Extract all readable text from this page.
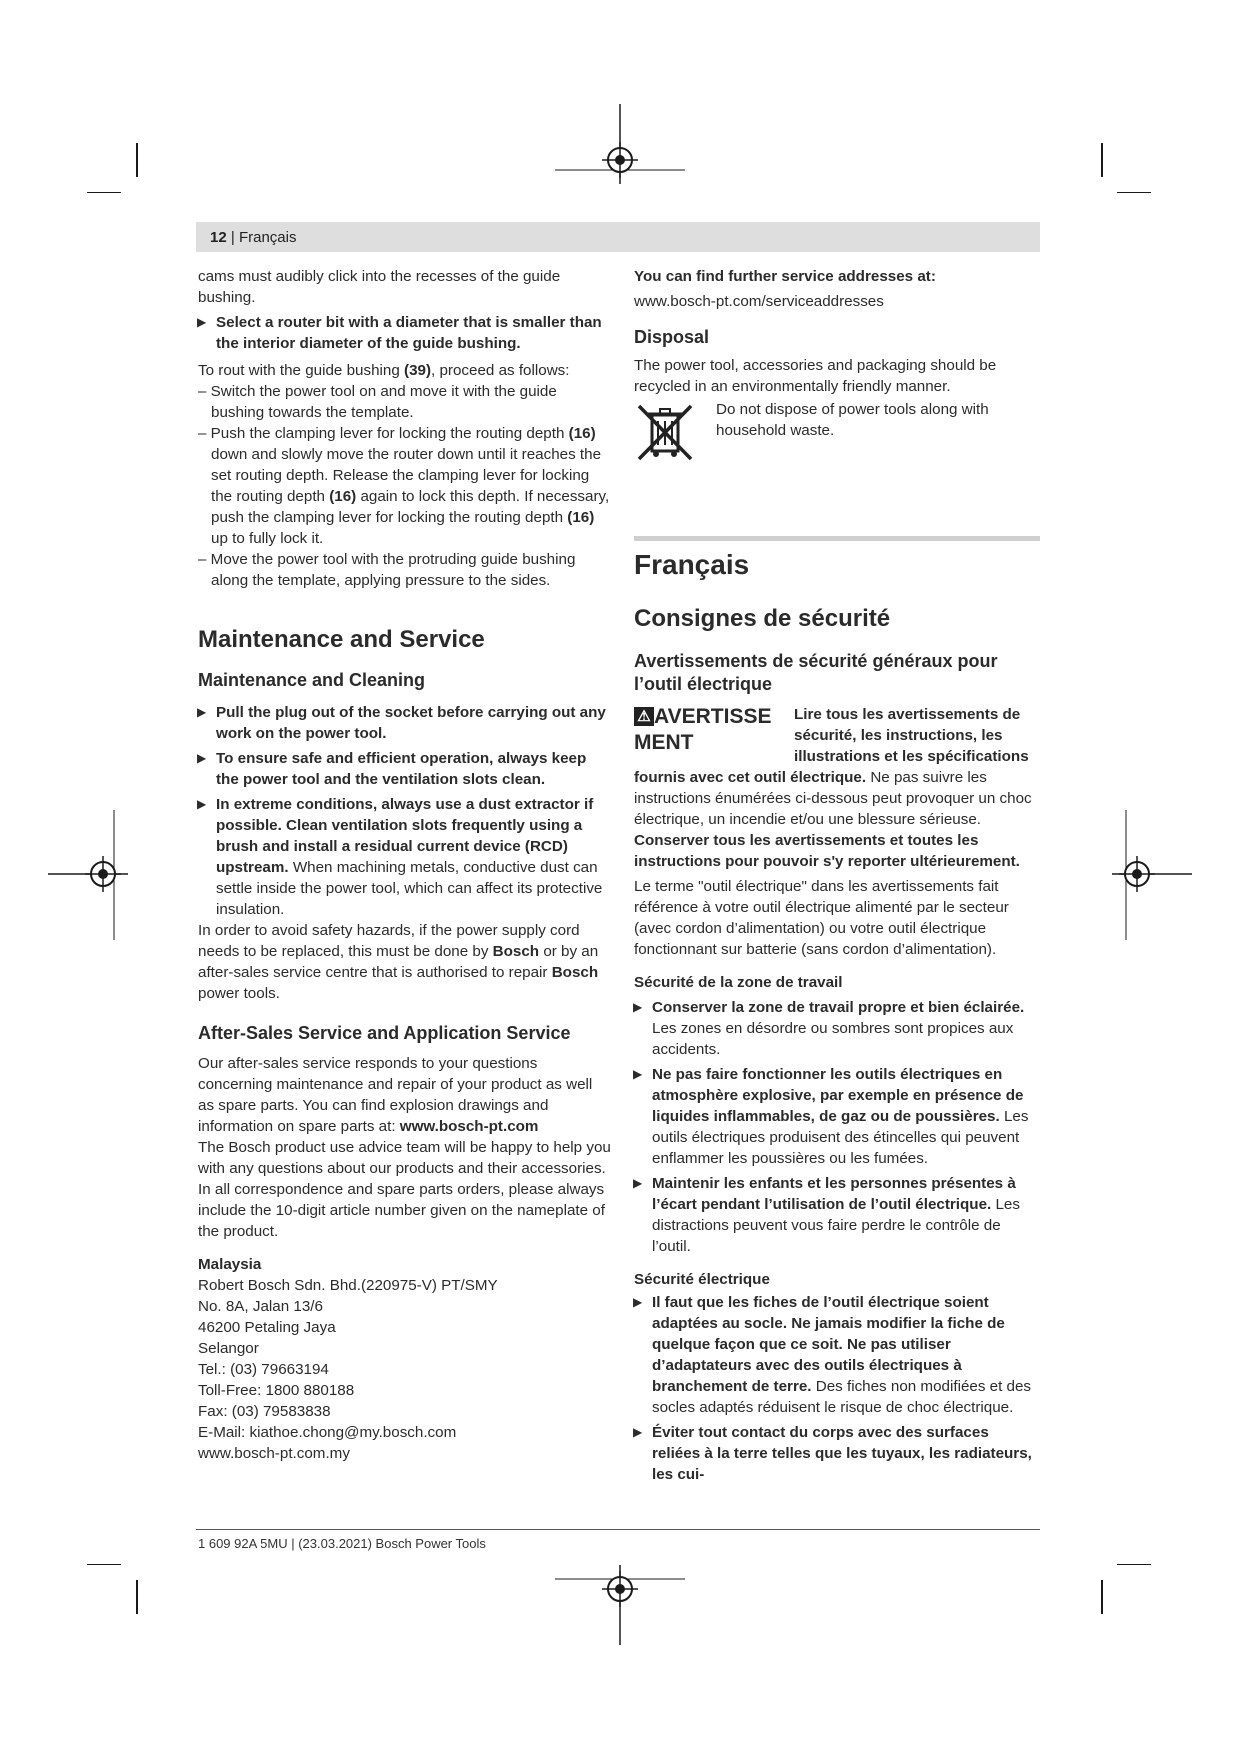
12 | Français

cams must audibly click into the recesses of the guide bushing.

▶ Select a router bit with a diameter that is smaller than the interior diameter of the guide bushing.

To rout with the guide bushing (39), proceed as follows:

– Switch the power tool on and move it with the guide bushing towards the template.

– Push the clamping lever for locking the routing depth (16) down and slowly move the router down until it reaches the set routing depth. Release the clamping lever for locking the routing depth (16) again to lock this depth. If necessary, push the clamping lever for locking the routing depth (16) up to fully lock it.

– Move the power tool with the protruding guide bushing along the template, applying pressure to the sides.

Maintenance and Service
Maintenance and Cleaning

▶ Pull the plug out of the socket before carrying out any work on the power tool.

▶ To ensure safe and efficient operation, always keep the power tool and the ventilation slots clean.

▶ In extreme conditions, always use a dust extractor if possible. Clean ventilation slots frequently using a brush and install a residual current device (RCD) upstream. When machining metals, conductive dust can settle inside the power tool, which can affect its protective insulation.

In order to avoid safety hazards, if the power supply cord needs to be replaced, this must be done by Bosch or by an after-sales service centre that is authorised to repair Bosch power tools.

After-Sales Service and Application Service

Our after-sales service responds to your questions concerning maintenance and repair of your product as well as spare parts. You can find explosion drawings and information on spare parts at: www.bosch-pt.com

The Bosch product use advice team will be happy to help you with any questions about our products and their accessories.

In all correspondence and spare parts orders, please always include the 10-digit article number given on the nameplate of the product.

Malaysia
Robert Bosch Sdn. Bhd.(220975-V) PT/SMY
No. 8A, Jalan 13/6
46200 Petaling Jaya
Selangor
Tel.: (03) 79663194
Toll-Free: 1800 880188
Fax: (03) 79583838
E-Mail: kiathoe.chong@my.bosch.com
www.bosch-pt.com.my
You can find further service addresses at:

www.bosch-pt.com/serviceaddresses

Disposal

The power tool, accessories and packaging should be recycled in an environmentally friendly manner.

Do not dispose of power tools along with household waste.

Français
Consignes de sécurité
Avertissements de sécurité généraux pour l’outil électrique
⚠ AVERTISSEMENT

Lire tous les avertissements de sécurité, les instructions, les illustrations et les spécifications fournis avec cet outil électrique. Ne pas suivre les instructions énumérées ci-dessous peut provoquer un choc électrique, un incendie et/ou une blessure sérieuse.

Conserver tous les avertissements et toutes les instructions pour pouvoir s'y reporter ultérieurement.

Le terme "outil électrique" dans les avertissements fait référence à votre outil électrique alimenté par le secteur (avec cordon d’alimentation) ou votre outil électrique fonctionnant sur batterie (sans cordon d’alimentation).

Sécurité de la zone de travail

▶ Conserver la zone de travail propre et bien éclairée. Les zones en désordre ou sombres sont propices aux accidents.

▶ Ne pas faire fonctionner les outils électriques en atmosphère explosive, par exemple en présence de liquides inflammables, de gaz ou de poussières. Les outils électriques produisent des étincelles qui peuvent enflammer les poussières ou les fumées.

▶ Maintenir les enfants et les personnes présentes à l’écart pendant l’utilisation de l’outil électrique. Les distractions peuvent vous faire perdre le contrôle de l’outil.

Sécurité électrique

▶ Il faut que les fiches de l’outil électrique soient adaptées au socle. Ne jamais modifier la fiche de quelque façon que ce soit. Ne pas utiliser d’adaptateurs avec des outils électriques à branchement de terre. Des fiches non modifiées et des socles adaptés réduisent le risque de choc électrique.

▶ Éviter tout contact du corps avec des surfaces reliées à la terre telles que les tuyaux, les radiateurs, les cui-

1 609 92A 5MU | (23.03.2021) Bosch Power Tools
